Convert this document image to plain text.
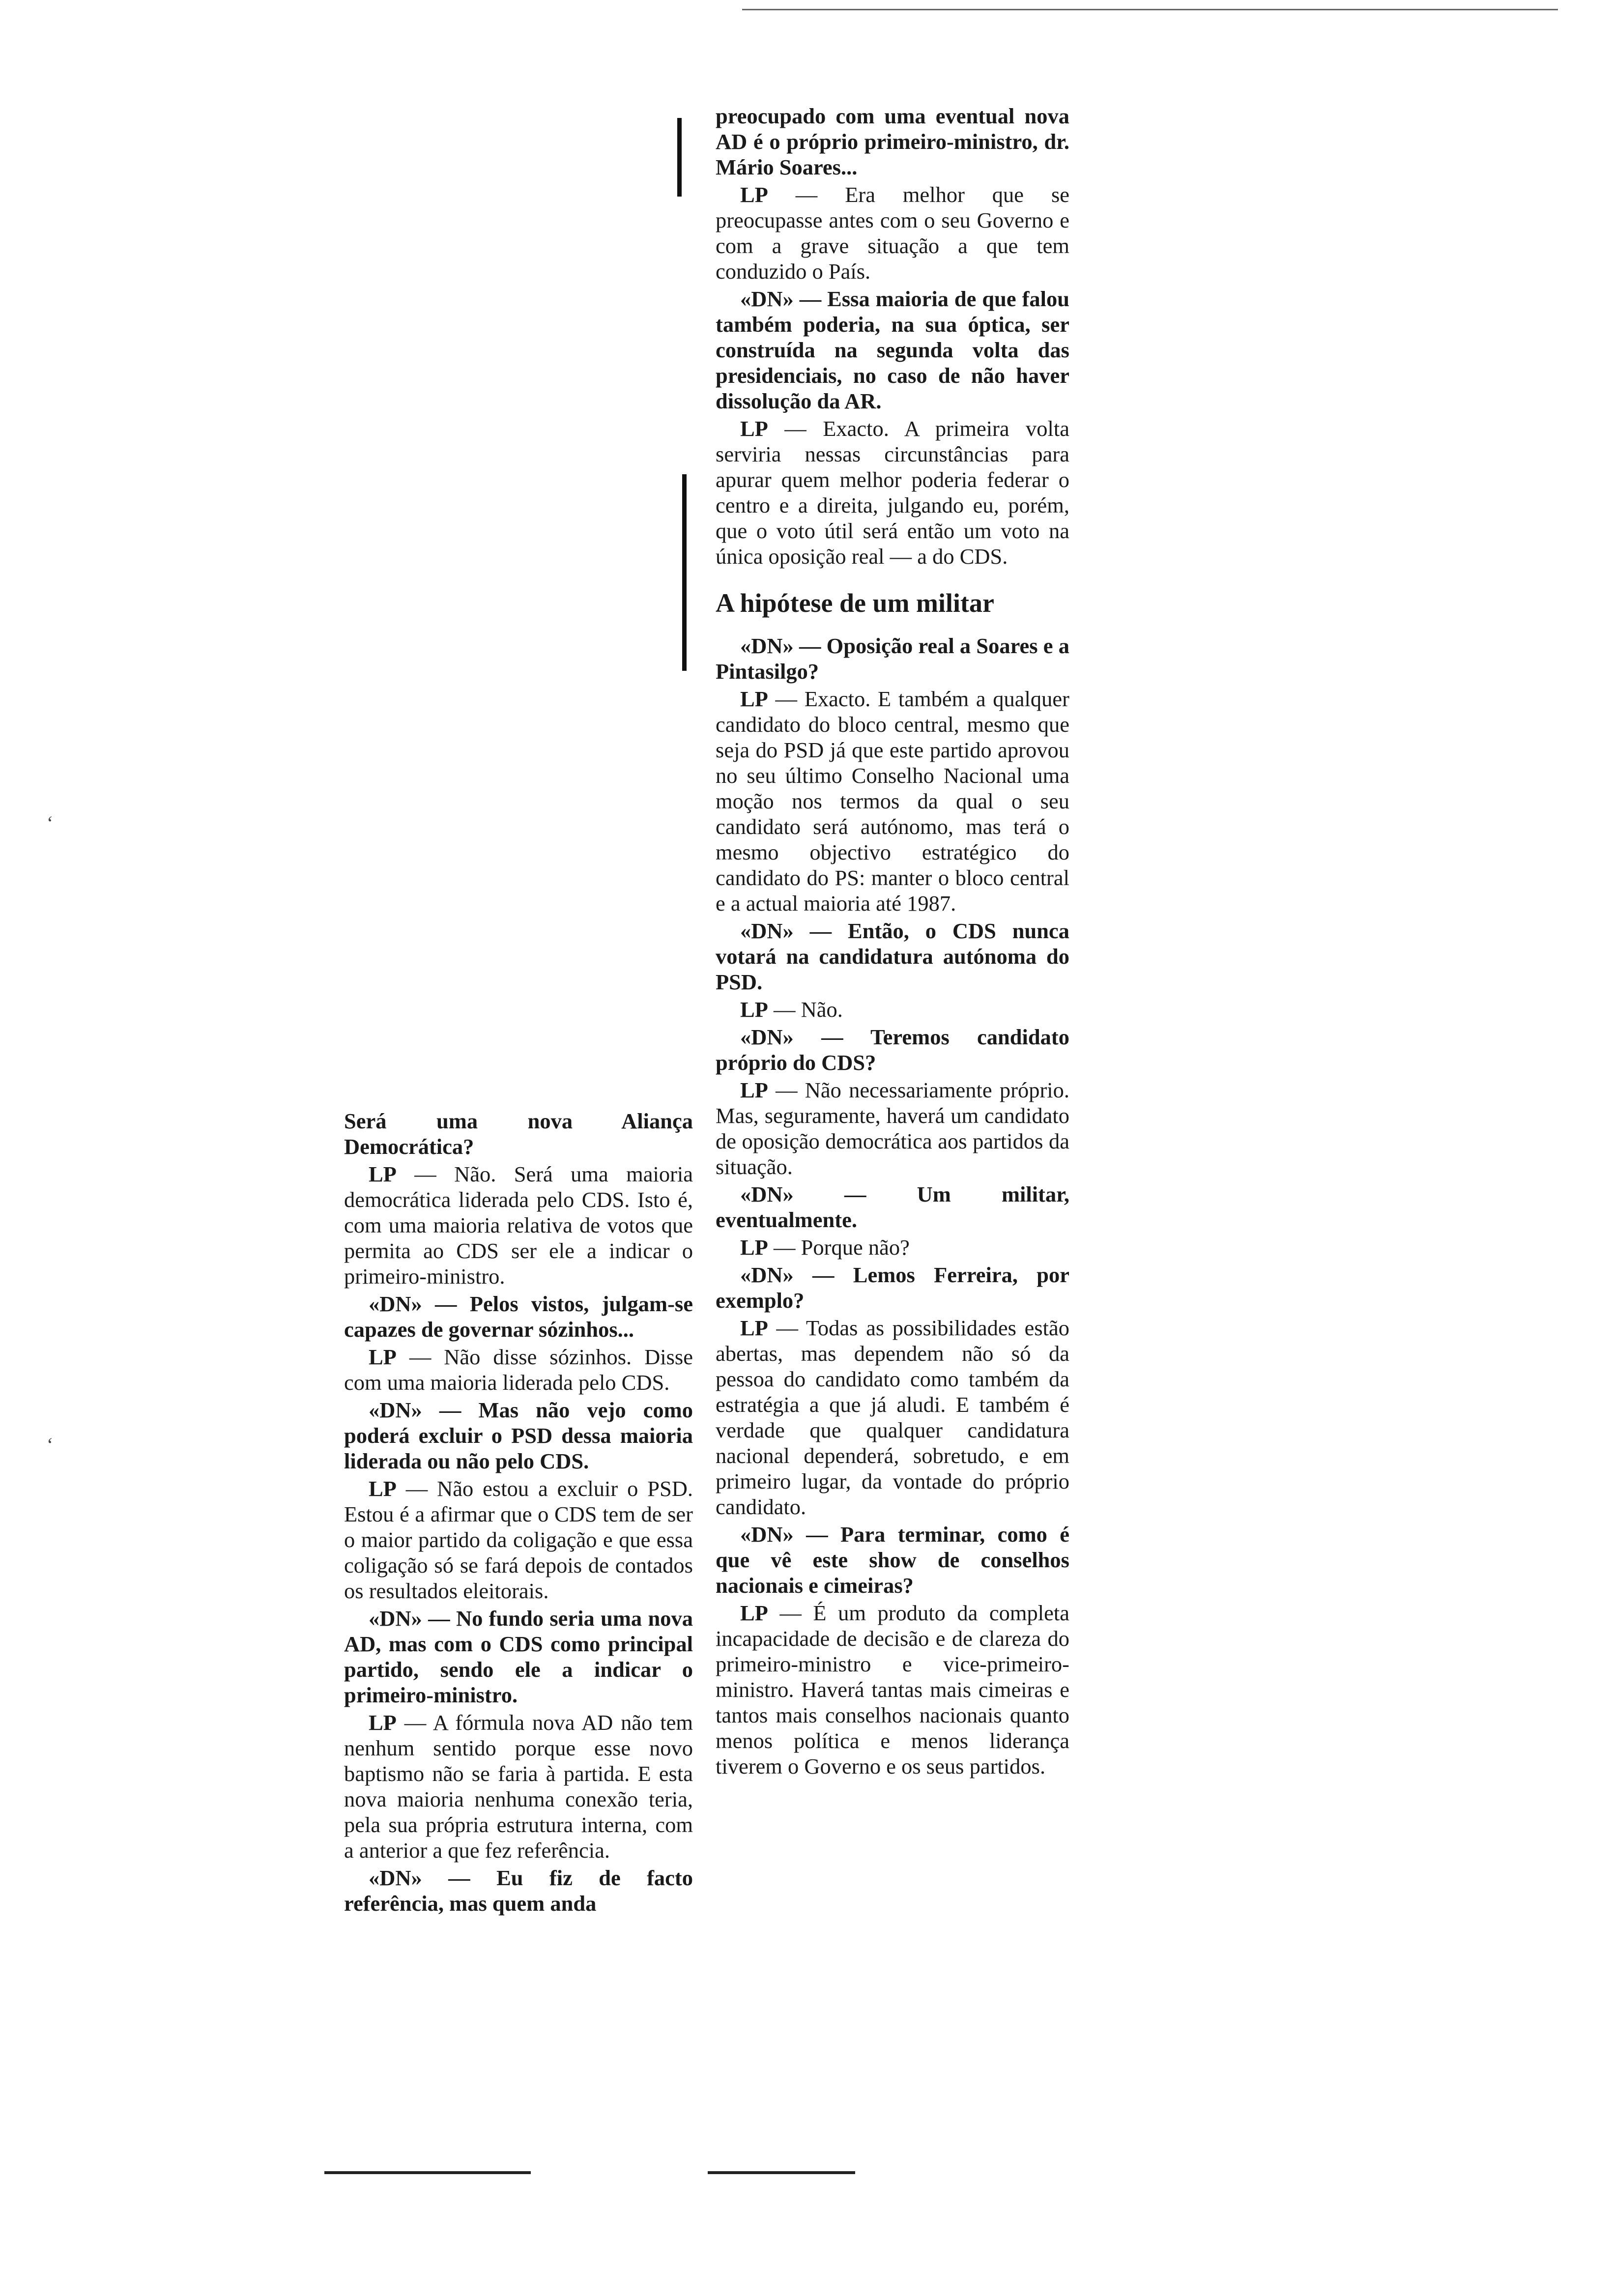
‘
‘

Será uma nova Aliança Democrática?

LP — Não. Será uma maioria democrática liderada pelo CDS. Isto é, com uma maioria relativa de votos que permita ao CDS ser ele a indicar o primeiro-ministro.

«DN» — Pelos vistos, julgam-se capazes de governar sózinhos...

LP — Não disse sózinhos. Disse com uma maioria liderada pelo CDS.

«DN» — Mas não vejo como poderá excluir o PSD dessa maioria liderada ou não pelo CDS.

LP — Não estou a excluir o PSD. Estou é a afirmar que o CDS tem de ser o maior partido da coligação e que essa coligação só se fará depois de contados os resultados eleitorais.

«DN» — No fundo seria uma nova AD, mas com o CDS como principal partido, sendo ele a indicar o primeiro-ministro.

LP — A fórmula nova AD não tem nenhum sentido porque esse novo baptismo não se faria à partida. E esta nova maioria nenhuma conexão teria, pela sua própria estrutura interna, com a anterior a que fez referência.

«DN» — Eu fiz de facto referência, mas quem anda

preocupado com uma eventual nova AD é o próprio primeiro-ministro, dr. Mário Soares...

LP — Era melhor que se preocupasse antes com o seu Governo e com a grave situação a que tem conduzido o País.

«DN» — Essa maioria de que falou também poderia, na sua óptica, ser construída na segunda volta das presidenciais, no caso de não haver dissolução da AR.

LP — Exacto. A primeira volta serviria nessas circunstâncias para apurar quem melhor poderia federar o centro e a direita, julgando eu, porém, que o voto útil será então um voto na única oposição real — a do CDS.

A hipótese de um militar

«DN» — Oposição real a Soares e a Pintasilgo?

LP — Exacto. E também a qualquer candidato do bloco central, mesmo que seja do PSD já que este partido aprovou no seu último Conselho Nacional uma moção nos termos da qual o seu candidato será autónomo, mas terá o mesmo objectivo estratégico do candidato do PS: manter o bloco central e a actual maioria até 1987.

«DN» — Então, o CDS nunca votará na candidatura autónoma do PSD.

LP — Não.

«DN» — Teremos candidato próprio do CDS?

LP — Não necessariamente próprio. Mas, seguramente, haverá um candidato de oposição democrática aos partidos da situação.

«DN» — Um militar, eventualmente.

LP — Porque não?

«DN» — Lemos Ferreira, por exemplo?

LP — Todas as possibilidades estão abertas, mas dependem não só da pessoa do candidato como também da estratégia a que já aludi. E também é verdade que qualquer candidatura nacional dependerá, sobretudo, e em primeiro lugar, da vontade do próprio candidato.

«DN» — Para terminar, como é que vê este show de conselhos nacionais e cimeiras?

LP — É um produto da completa incapacidade de decisão e de clareza do primeiro-ministro e vice-primeiro-ministro. Haverá tantas mais cimeiras e tantos mais conselhos nacionais quanto menos política e menos liderança tiverem o Governo e os seus partidos.
